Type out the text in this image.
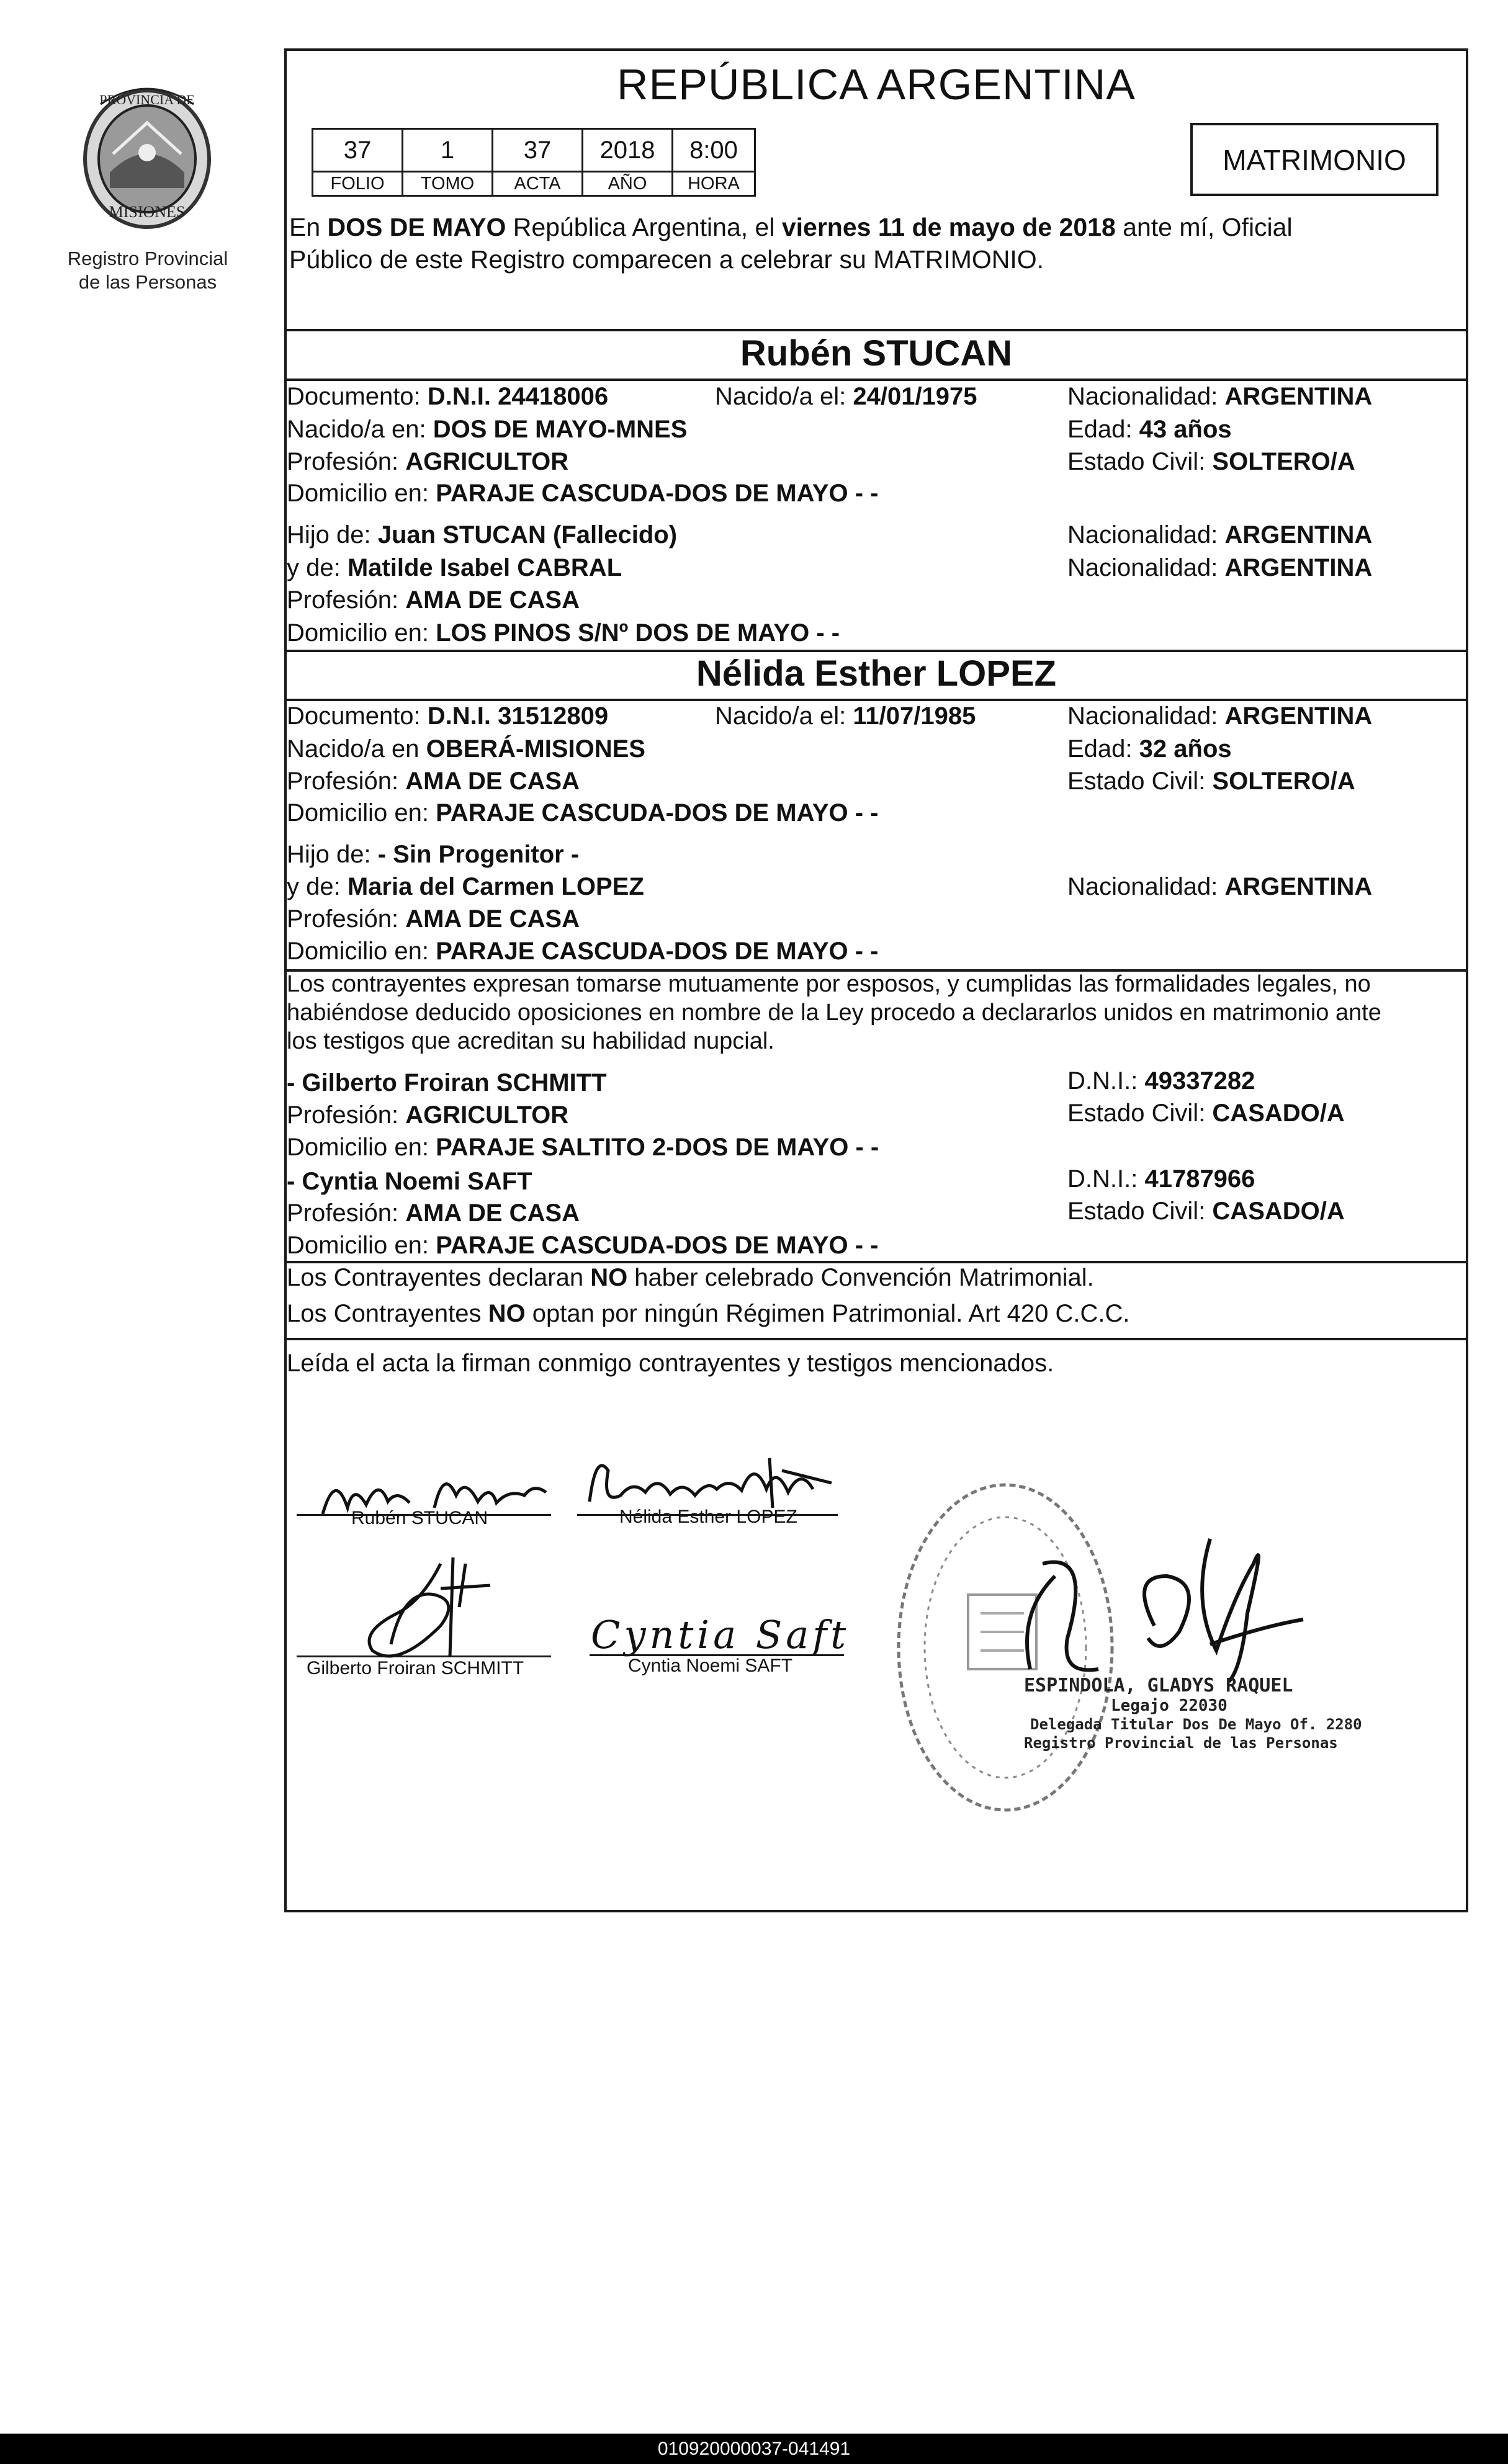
PROVINCIA DE
MISIONES
Registro Provincial
de las Personas
REPÚBLICA ARGENTINA
37	1	37	2018	8:00
FOLIO	TOMO	ACTA	AÑO	HORA
MATRIMONIO
En DOS DE MAYO República Argentina, el viernes 11 de mayo de 2018 ante mí, Oficial
Público de este Registro comparecen a celebrar su MATRIMONIO.
Rubén STUCAN
Documento: D.N.I. 24418006	Nacido/a el: 24/01/1975	Nacionalidad: ARGENTINA
Nacido/a en: DOS DE MAYO-MNES	Edad: 43 años
Profesión: AGRICULTOR	Estado Civil: SOLTERO/A
Domicilio en: PARAJE CASCUDA-DOS DE MAYO - -
Hijo de: Juan STUCAN (Fallecido)	Nacionalidad: ARGENTINA
y de: Matilde Isabel CABRAL	Nacionalidad: ARGENTINA
Profesión: AMA DE CASA
Domicilio en: LOS PINOS S/Nº DOS DE MAYO - -
Nélida Esther LOPEZ
Documento: D.N.I. 31512809	Nacido/a el: 11/07/1985	Nacionalidad: ARGENTINA
Nacido/a en OBERÁ-MISIONES	Edad: 32 años
Profesión: AMA DE CASA	Estado Civil: SOLTERO/A
Domicilio en: PARAJE CASCUDA-DOS DE MAYO - -
Hijo de: - Sin Progenitor -
y de: Maria del Carmen LOPEZ	Nacionalidad: ARGENTINA
Profesión: AMA DE CASA
Domicilio en: PARAJE CASCUDA-DOS DE MAYO - -
Los contrayentes expresan tomarse mutuamente por esposos, y cumplidas las formalidades legales, no
habiéndose deducido oposiciones en nombre de la Ley procedo a declararlos unidos en matrimonio ante
los testigos que acreditan su habilidad nupcial.
- Gilberto Froiran SCHMITT	D.N.I.: 49337282
Profesión: AGRICULTOR	Estado Civil: CASADO/A
Domicilio en: PARAJE SALTITO 2-DOS DE MAYO - -
- Cyntia Noemi SAFT	D.N.I.: 41787966
Profesión: AMA DE CASA	Estado Civil: CASADO/A
Domicilio en: PARAJE CASCUDA-DOS DE MAYO - -
Los Contrayentes declaran NO haber celebrado Convención Matrimonial.
Los Contrayentes NO optan por ningún Régimen Patrimonial. Art 420 C.C.C.
Leída el acta la firman conmigo contrayentes y testigos mencionados.
Rubén STUCAN	Nélida Esther LOPEZ
Gilberto Froiran SCHMITT
Cyntia Saft
Cyntia Noemi SAFT
ESPINDOLA, GLADYS RAQUEL
Legajo 22030
Delegada Titular Dos De Mayo Of. 2280
Registro Provincial de las Personas
010920000037-041491
